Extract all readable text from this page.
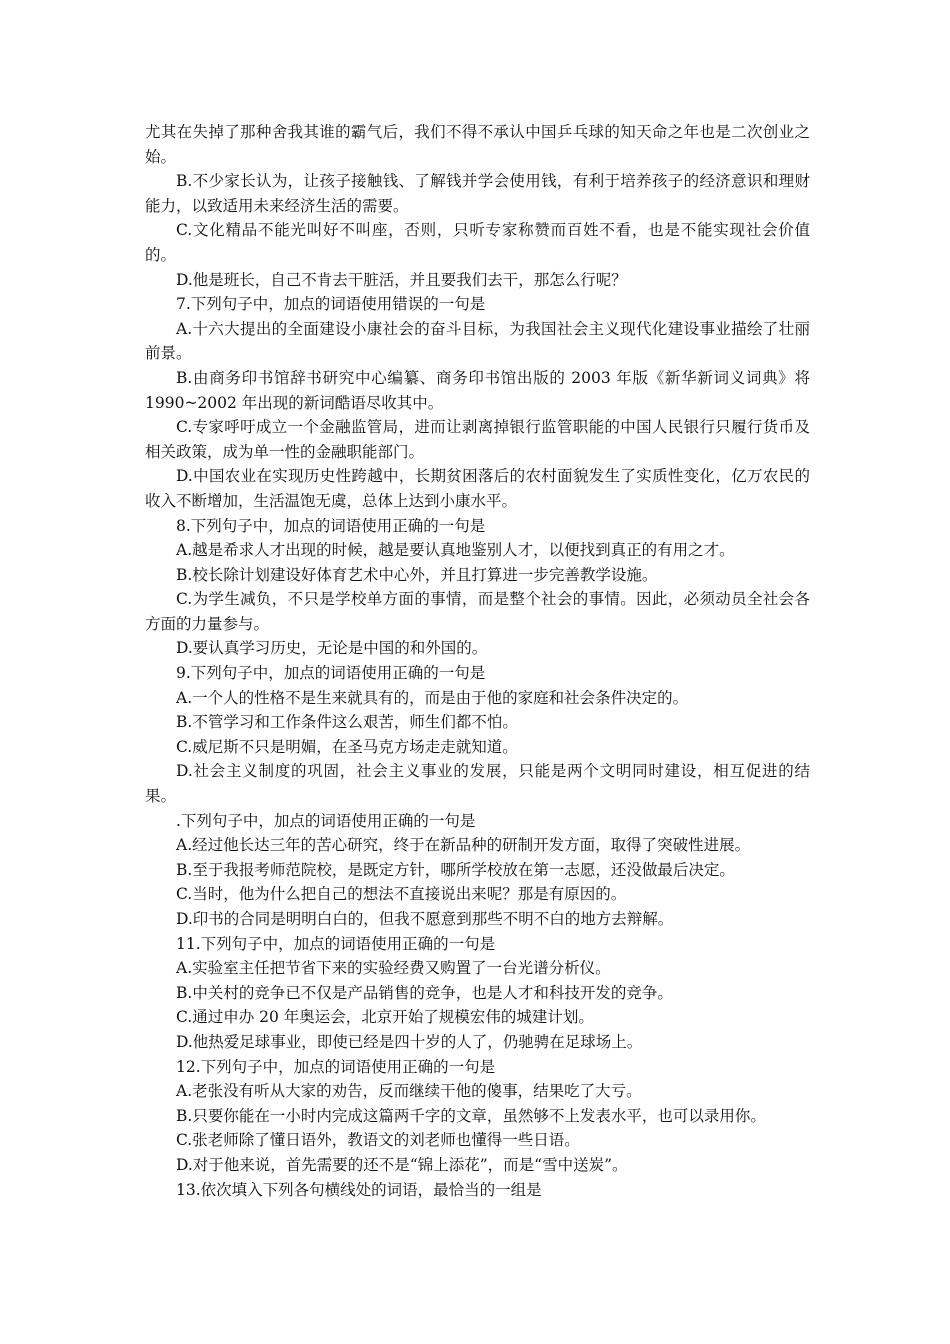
尤其在失掉了那种舍我其谁的霸气后，我们不得不承认中国乒乓球的知天命之年也是二次创业之始。

B.不少家长认为，让孩子接触钱、了解钱并学会使用钱，有利于培养孩子的经济意识和理财能力，以致适用未来经济生活的需要。

C.文化精品不能光叫好不叫座，否则，只听专家称赞而百姓不看，也是不能实现社会价值的。

D.他是班长，自己不肯去干脏活，并且要我们去干，那怎么行呢？

7.下列句子中，加点的词语使用错误的一句是

A.十六大提出的全面建设小康社会的奋斗目标，为我国社会主义现代化建设事业描绘了壮丽前景。

B.由商务印书馆辞书研究中心编纂、商务印书馆出版的 2003 年版《新华新词义词典》将 1990~2002 年出现的新词酷语尽收其中。

C.专家呼吁成立一个金融监管局，进而让剥离掉银行监管职能的中国人民银行只履行货币及相关政策，成为单一性的金融职能部门。

D.中国农业在实现历史性跨越中，长期贫困落后的农村面貌发生了实质性变化，亿万农民的收入不断增加，生活温饱无虞，总体上达到小康水平。

8.下列句子中，加点的词语使用正确的一句是

A.越是希求人才出现的时候，越是要认真地鉴别人才，以便找到真正的有用之才。

B.校长除计划建设好体育艺术中心外，并且打算进一步完善教学设施。

C.为学生减负，不只是学校单方面的事情，而是整个社会的事情。因此，必须动员全社会各方面的力量参与。

D.要认真学习历史，无论是中国的和外国的。

9.下列句子中，加点的词语使用正确的一句是

A.一个人的性格不是生来就具有的，而是由于他的家庭和社会条件决定的。

B.不管学习和工作条件这么艰苦，师生们都不怕。

C.威尼斯不只是明媚，在圣马克方场走走就知道。

D.社会主义制度的巩固，社会主义事业的发展，只能是两个文明同时建设，相互促进的结果。

.下列句子中，加点的词语使用正确的一句是

A.经过他长达三年的苦心研究，终于在新品种的研制开发方面，取得了突破性进展。

B.至于我报考师范院校，是既定方针，哪所学校放在第一志愿，还没做最后决定。

C.当时，他为什么把自己的想法不直接说出来呢？那是有原因的。

D.印书的合同是明明白白的，但我不愿意到那些不明不白的地方去辩解。

11.下列句子中，加点的词语使用正确的一句是

A.实验室主任把节省下来的实验经费又购置了一台光谱分析仪。

B.中关村的竞争已不仅是产品销售的竞争，也是人才和科技开发的竞争。

C.通过申办 20 年奥运会，北京开始了规模宏伟的城建计划。

D.他热爱足球事业，即使已经是四十岁的人了，仍驰骋在足球场上。

12.下列句子中，加点的词语使用正确的一句是

A.老张没有听从大家的劝告，反而继续干他的傻事，结果吃了大亏。

B.只要你能在一小时内完成这篇两千字的文章，虽然够不上发表水平，也可以录用你。

C.张老师除了懂日语外，教语文的刘老师也懂得一些日语。

D.对于他来说，首先需要的还不是“锦上添花”，而是“雪中送炭”。

13.依次填入下列各句横线处的词语，最恰当的一组是
